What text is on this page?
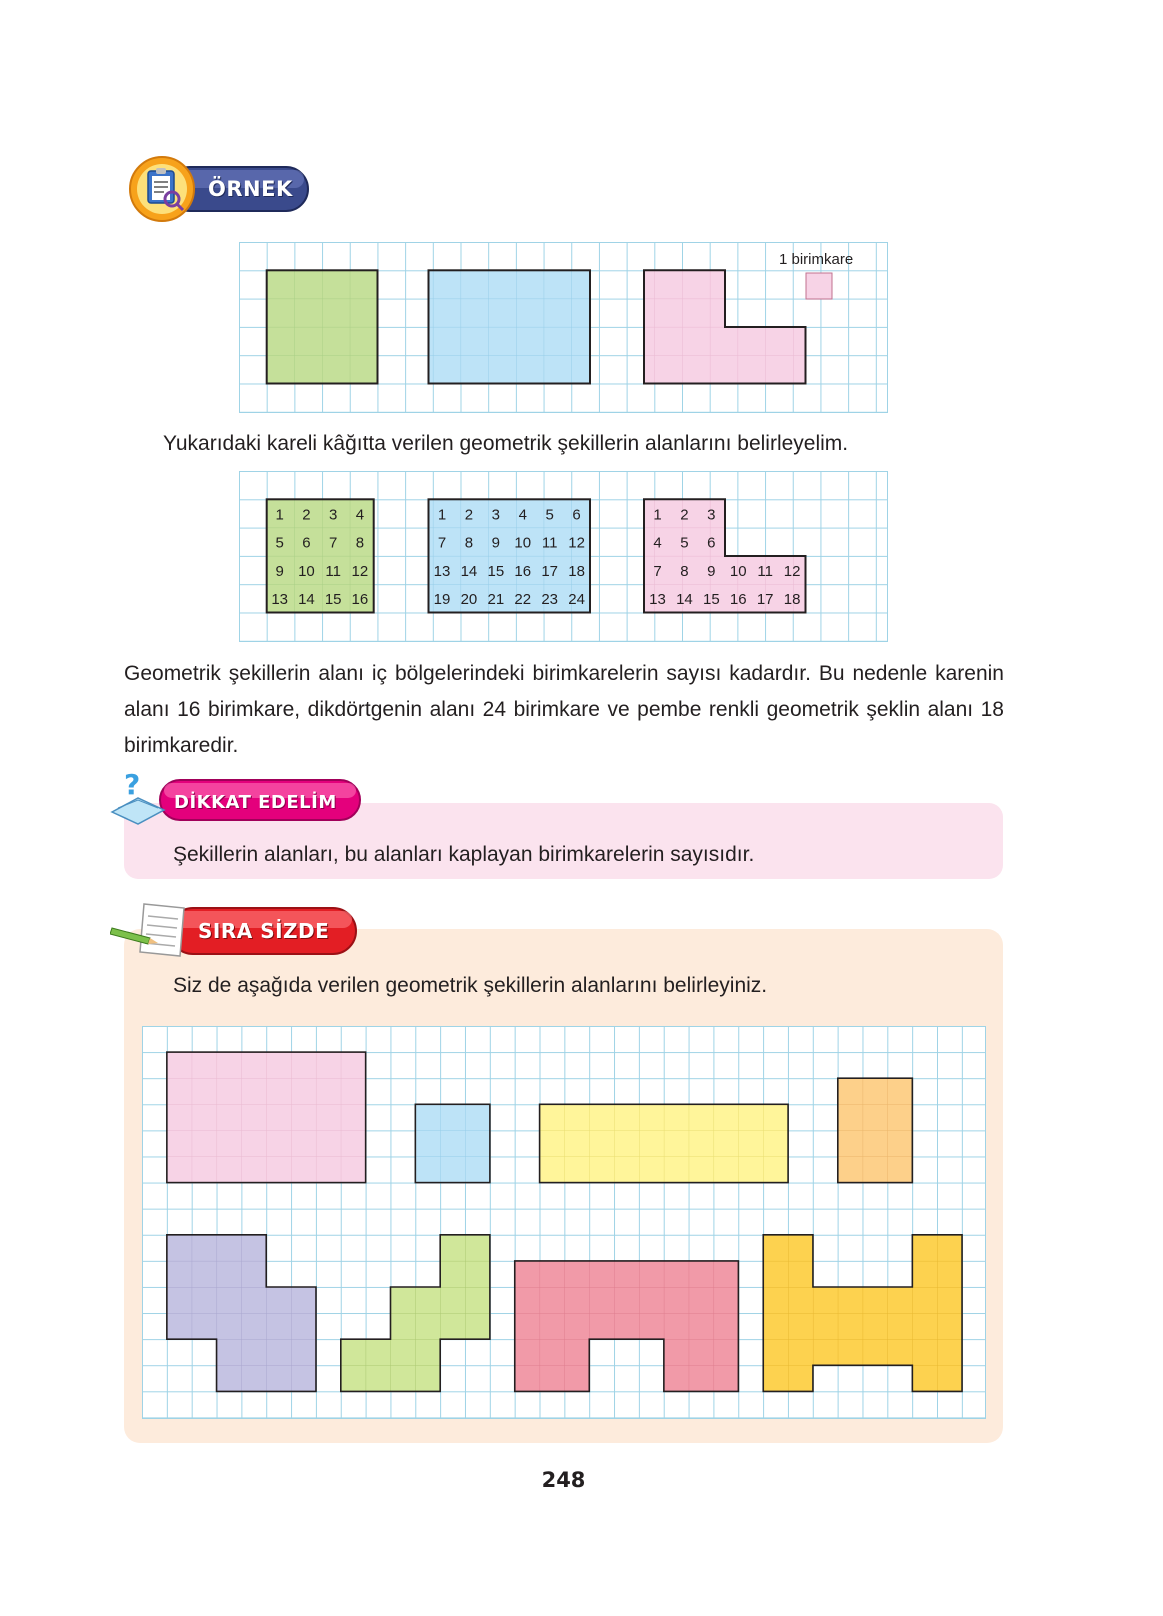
ÖRNEK
1 birimkare
Yukarıdaki kareli kâğıtta verilen geometrik şekillerin alanlarını belirleyelim.
1 2 3 4
5 6 7 8
9 10 11 12
13 14 15 16
1 2 3 4 5 6
7 8 9 10 11 12
13 14 15 16 17 18
19 20 21 22 23 24
1 2 3
4 5 6
7 8 9 10 11 12
13 14 15 16 17 18
Geometrik şekillerin alanı iç bölgelerindeki birimkarelerin sayısı kadardır. Bu nedenle karenin alanı 16 birimkare, dikdörtgenin alanı 24 birimkare ve pembe renkli geometrik şeklin alanı 18 birimkaredir.
?
DİKKAT EDELİM
Şekillerin alanları, bu alanları kaplayan birimkarelerin sayısıdır.
SIRA SİZDE
Siz de aşağıda verilen geometrik şekillerin alanlarını belirleyiniz.
248
